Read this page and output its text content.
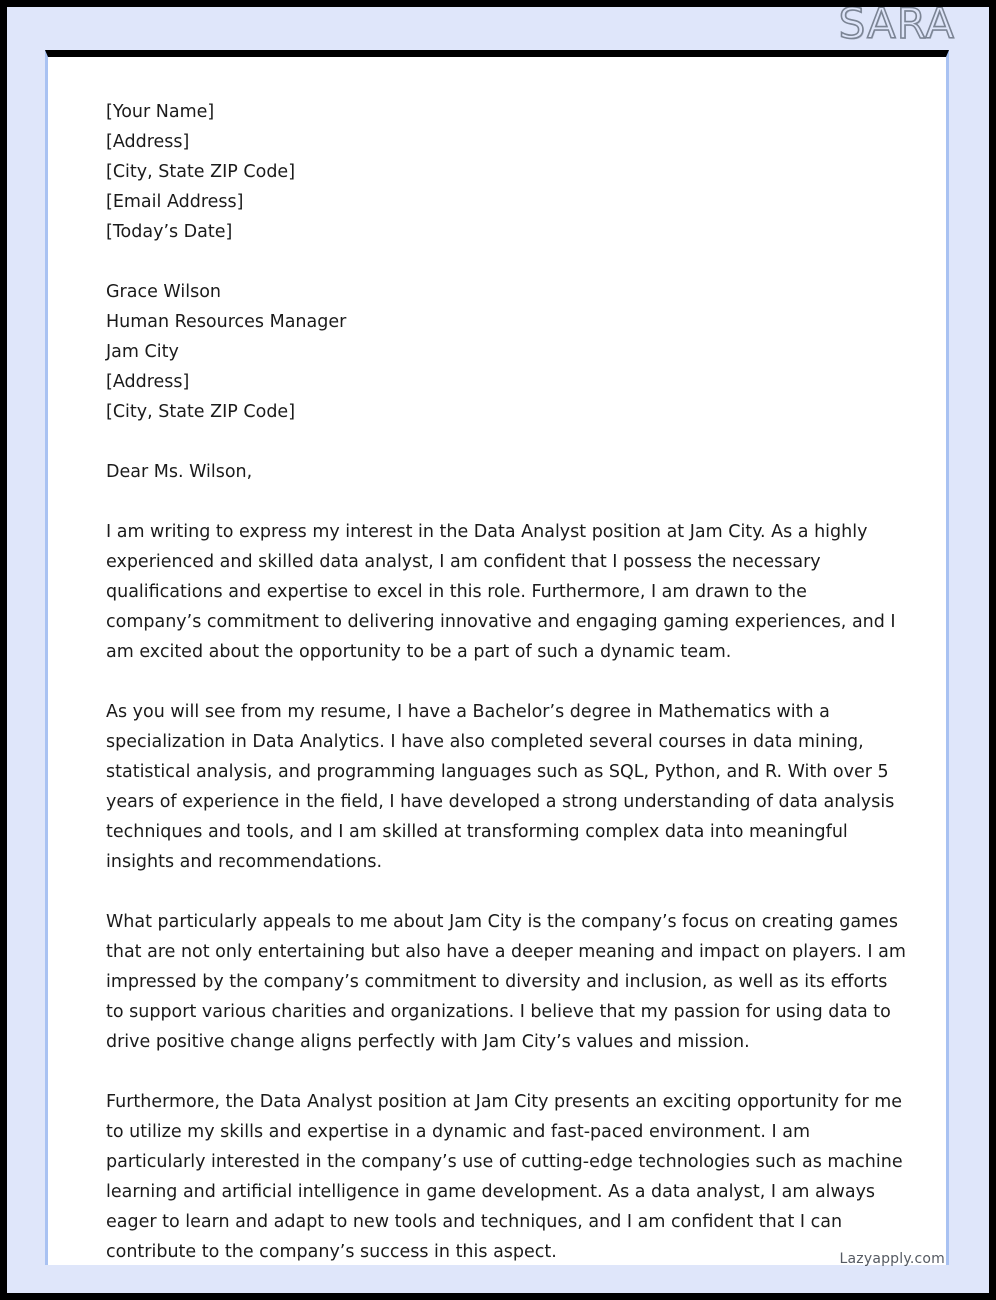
SARA
[Your Name]
[Address]
[City, State ZIP Code]
[Email Address]
[Today’s Date]
Grace Wilson
Human Resources Manager
Jam City
[Address]
[City, State ZIP Code]
Dear Ms. Wilson,
I am writing to express my interest in the Data Analyst position at Jam City. As a highly experienced and skilled data analyst, I am confident that I possess the necessary qualifications and expertise to excel in this role. Furthermore, I am drawn to the company’s commitment to delivering innovative and engaging gaming experiences, and I am excited about the opportunity to be a part of such a dynamic team.
As you will see from my resume, I have a Bachelor’s degree in Mathematics with a specialization in Data Analytics. I have also completed several courses in data mining, statistical analysis, and programming languages such as SQL, Python, and R. With over 5 years of experience in the field, I have developed a strong understanding of data analysis techniques and tools, and I am skilled at transforming complex data into meaningful insights and recommendations.
What particularly appeals to me about Jam City is the company’s focus on creating games that are not only entertaining but also have a deeper meaning and impact on players. I am impressed by the company’s commitment to diversity and inclusion, as well as its efforts to support various charities and organizations. I believe that my passion for using data to drive positive change aligns perfectly with Jam City’s values and mission.
Furthermore, the Data Analyst position at Jam City presents an exciting opportunity for me to utilize my skills and expertise in a dynamic and fast-paced environment. I am particularly interested in the company’s use of cutting-edge technologies such as machine learning and artificial intelligence in game development. As a data analyst, I am always eager to learn and adapt to new tools and techniques, and I am confident that I can contribute to the company’s success in this aspect.	Lazyapply.com
